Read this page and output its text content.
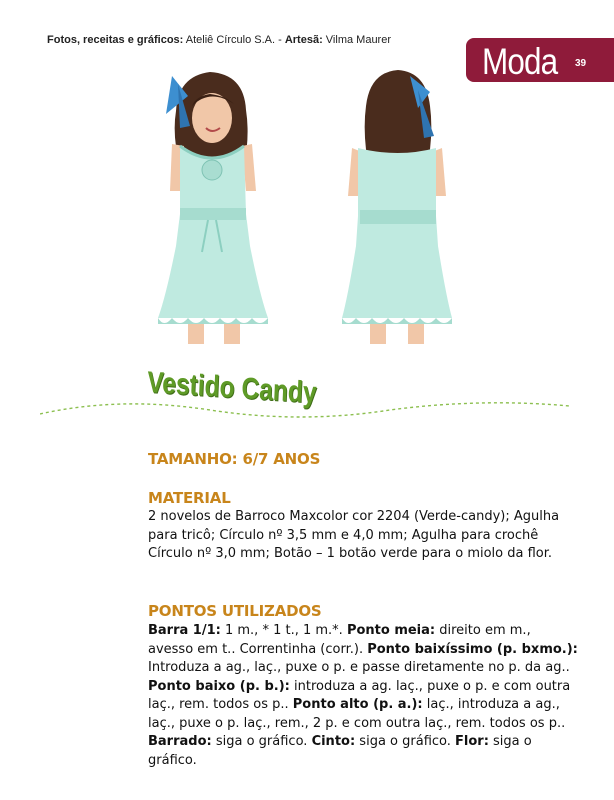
Fotos, receitas e gráficos: Ateliê Círculo S.A. - Artesã: Vilma Maurer
Moda 39
Vestido Candy
TAMANHO: 6/7 ANOS
MATERIAL
2 novelos de Barroco Maxcolor cor 2204 (Verde-candy); Agulha para tricô; Círculo nº 3,5 mm e 4,0 mm; Agulha para crochê Círculo nº 3,0 mm; Botão – 1 botão verde para o miolo da flor.
PONTOS UTILIZADOS
Barra 1/1: 1 m., * 1 t., 1 m.*. Ponto meia: direito em m., avesso em t.. Correntinha (corr.). Ponto baixíssimo (p. bxmo.): Introduza a ag., laç., puxe o p. e passe diretamente no p. da ag.. Ponto baixo (p. b.): introduza a ag. laç., puxe o p. e com outra laç., rem. todos os p.. Ponto alto (p. a.): laç., introduza a ag., laç., puxe o p. laç., rem., 2 p. e com outra laç., rem. todos os p.. Barrado: siga o gráfico. Cinto: siga o gráfico. Flor: siga o gráfico.
